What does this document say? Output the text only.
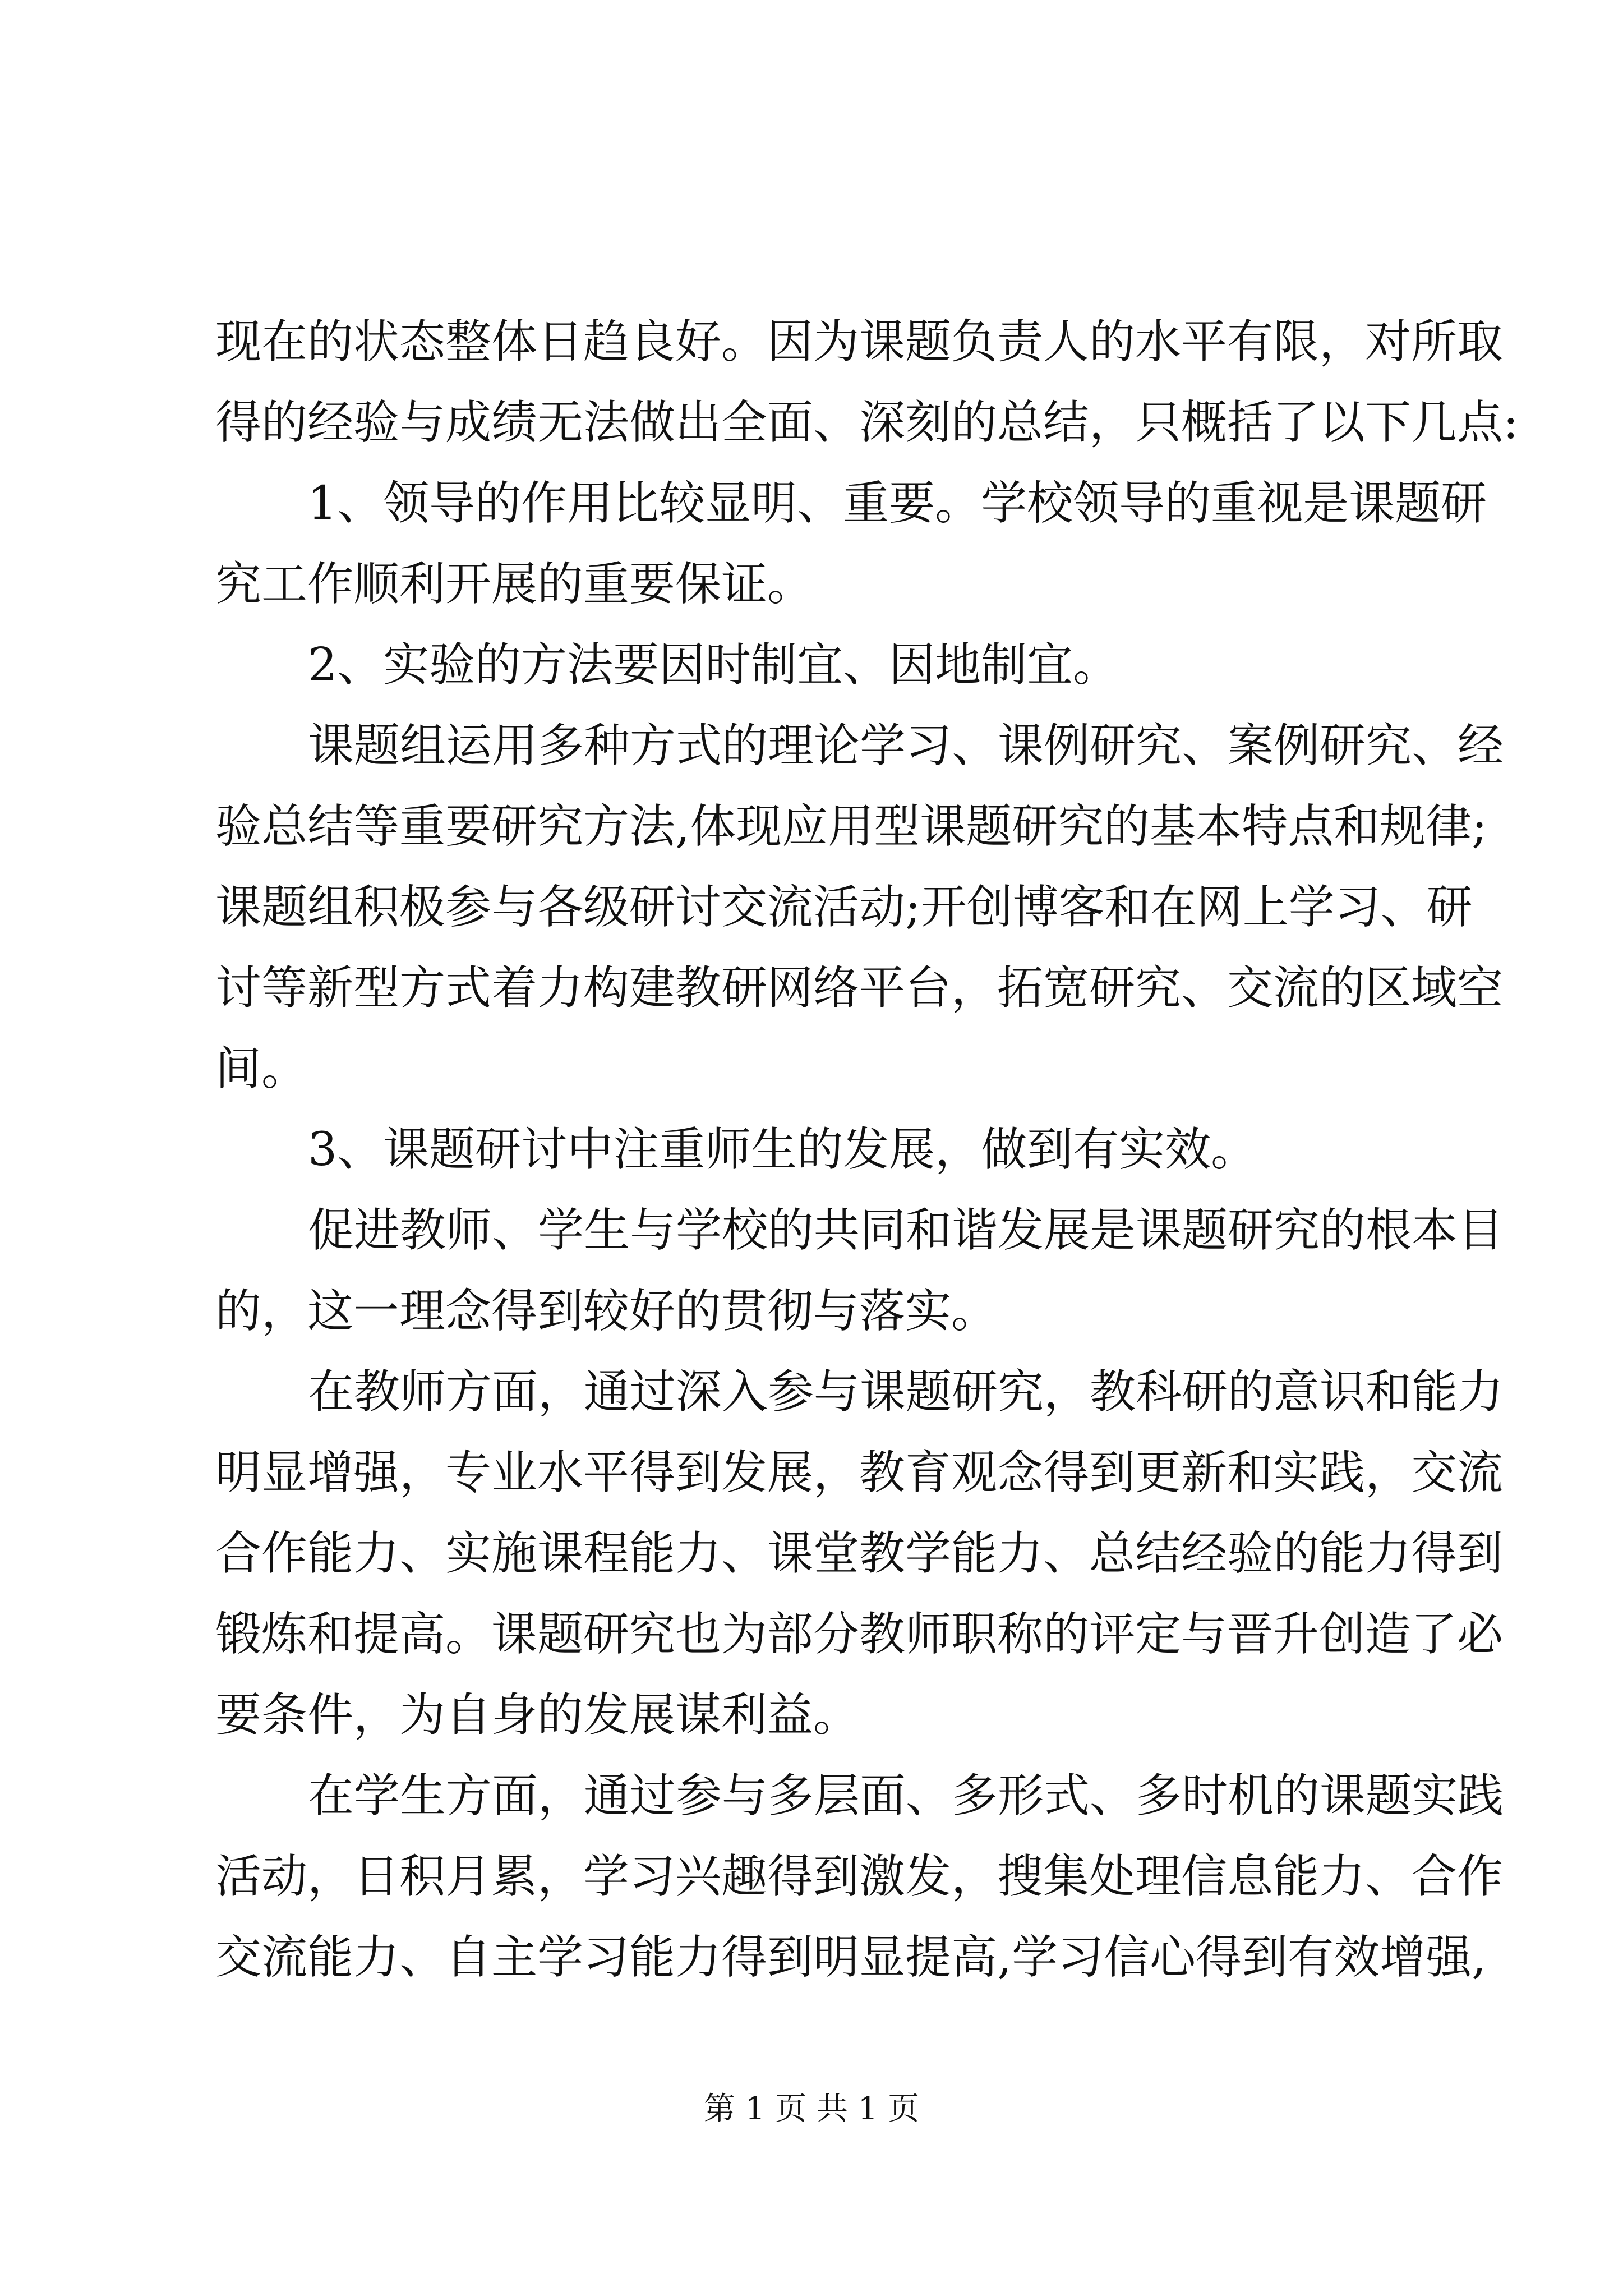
现在的状态整体日趋良好。因为课题负责人的水平有限，对所取
得的经验与成绩无法做出全面、深刻的总结，只概括了以下几点:
1、领导的作用比较显明、重要。学校领导的重视是课题研
究工作顺利开展的重要保证。
2、实验的方法要因时制宜、因地制宜。
课题组运用多种方式的理论学习、课例研究、案例研究、经
验总结等重要研究方法,体现应用型课题研究的基本特点和规律;
课题组积极参与各级研讨交流活动;开创博客和在网上学习、研
讨等新型方式着力构建教研网络平台，拓宽研究、交流的区域空
间。
3、课题研讨中注重师生的发展，做到有实效。
促进教师、学生与学校的共同和谐发展是课题研究的根本目
的，这一理念得到较好的贯彻与落实。
在教师方面，通过深入参与课题研究，教科研的意识和能力
明显增强，专业水平得到发展，教育观念得到更新和实践，交流
合作能力、实施课程能力、课堂教学能力、总结经验的能力得到
锻炼和提高。课题研究也为部分教师职称的评定与晋升创造了必
要条件，为自身的发展谋利益。
在学生方面，通过参与多层面、多形式、多时机的课题实践
活动，日积月累，学习兴趣得到激发，搜集处理信息能力、合作
交流能力、自主学习能力得到明显提高,学习信心得到有效增强,
第 1 页 共 1 页
